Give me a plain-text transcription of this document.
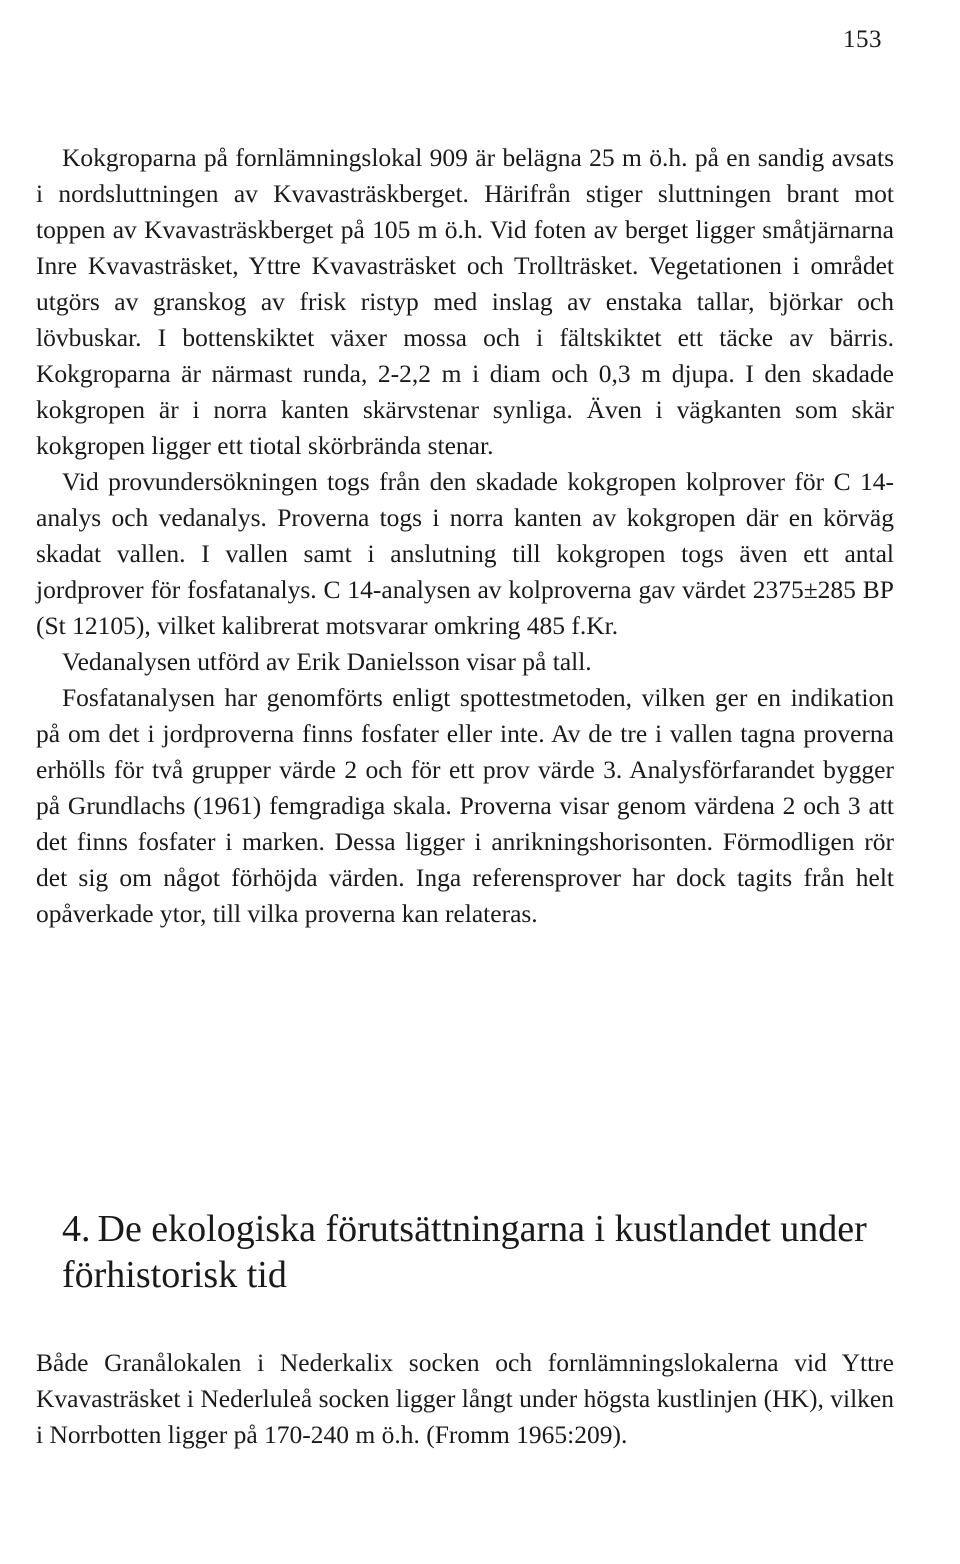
153

Kokgroparna på fornlämningslokal 909 är belägna 25 m ö.h. på en sandig avsats i nordsluttningen av Kvavasträskberget. Härifrån stiger sluttningen brant mot toppen av Kvavasträskberget på 105 m ö.h. Vid foten av berget ligger småtjärnarna Inre Kvavasträsket, Yttre Kvavasträsket och Trollträsket. Vegetationen i området utgörs av granskog av frisk ristyp med inslag av enstaka tallar, björkar och lövbuskar. I bottenskiktet växer mossa och i fältskiktet ett täcke av bärris. Kokgroparna är närmast runda, 2-2,2 m i diam och 0,3 m djupa. I den skadade kokgropen är i norra kanten skärvstenar synliga. Även i vägkanten som skär kokgropen ligger ett tiotal skörbrända stenar.

Vid provundersökningen togs från den skadade kokgropen kolprover för C 14-analys och vedanalys. Proverna togs i norra kanten av kokgropen där en körväg skadat vallen. I vallen samt i anslutning till kokgropen togs även ett antal jordprover för fosfatanalys. C 14-analysen av kolproverna gav värdet 2375±285 BP (St 12105), vilket kalibrerat motsvarar omkring 485 f.Kr.

Vedanalysen utförd av Erik Danielsson visar på tall.

Fosfatanalysen har genomförts enligt spottestmetoden, vilken ger en indikation på om det i jordproverna finns fosfater eller inte. Av de tre i vallen tagna proverna erhölls för två grupper värde 2 och för ett prov värde 3. Analysförfarandet bygger på Grundlachs (1961) femgradiga skala. Proverna visar genom värdena 2 och 3 att det finns fosfater i marken. Dessa ligger i anrikningshorisonten. Förmodligen rör det sig om något förhöjda värden. Inga referensprover har dock tagits från helt opåverkade ytor, till vilka proverna kan relateras.

4. De ekologiska förutsättningarna i kustlandet under förhistorisk tid

Både Granålokalen i Nederkalix socken och fornlämningslokalerna vid Yttre Kvavasträsket i Nederluleå socken ligger långt under högsta kustlinjen (HK), vilken i Norrbotten ligger på 170-240 m ö.h. (Fromm 1965:209).
